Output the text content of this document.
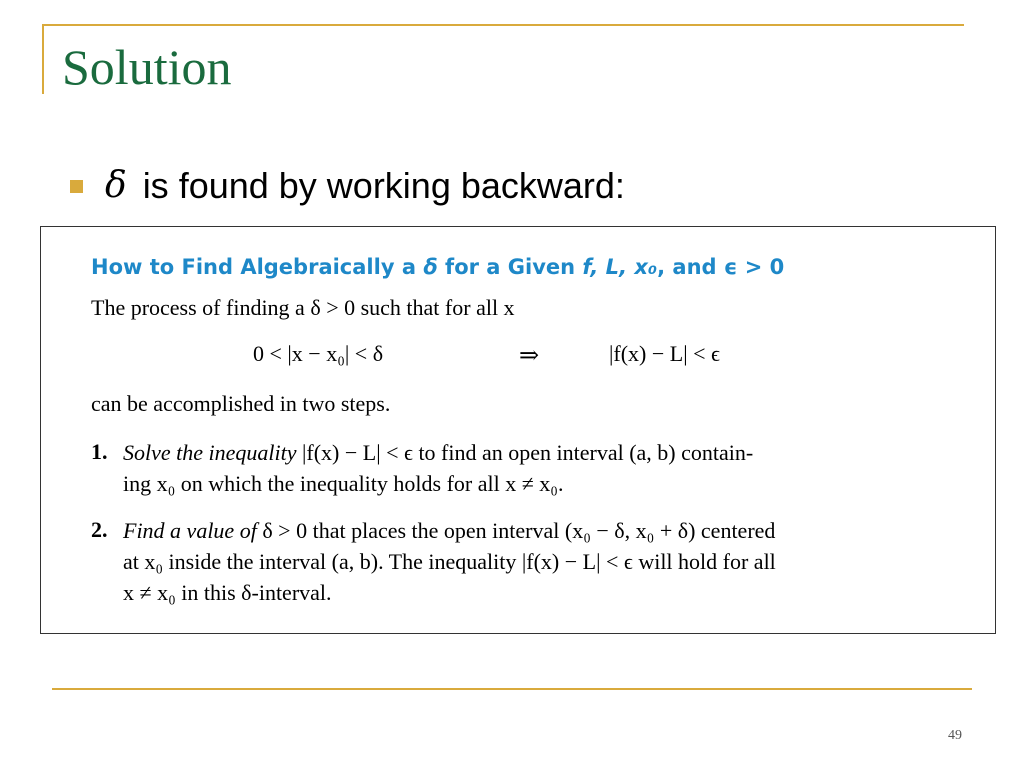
Solution
δ is found by working backward:
How to Find Algebraically a δ for a Given f, L, x₀, and ϵ > 0
The process of finding a δ > 0 such that for all x
0 < |x − x₀| < δ	⇒	|f(x) − L| < ϵ
can be accomplished in two steps.
1. Solve the inequality |f(x) − L| < ϵ to find an open interval (a, b) contain-
ing x₀ on which the inequality holds for all x ≠ x₀.
2. Find a value of δ > 0 that places the open interval (x₀ − δ, x₀ + δ) centered
at x₀ inside the interval (a, b). The inequality |f(x) − L| < ϵ will hold for all
x ≠ x₀ in this δ-interval.
49
